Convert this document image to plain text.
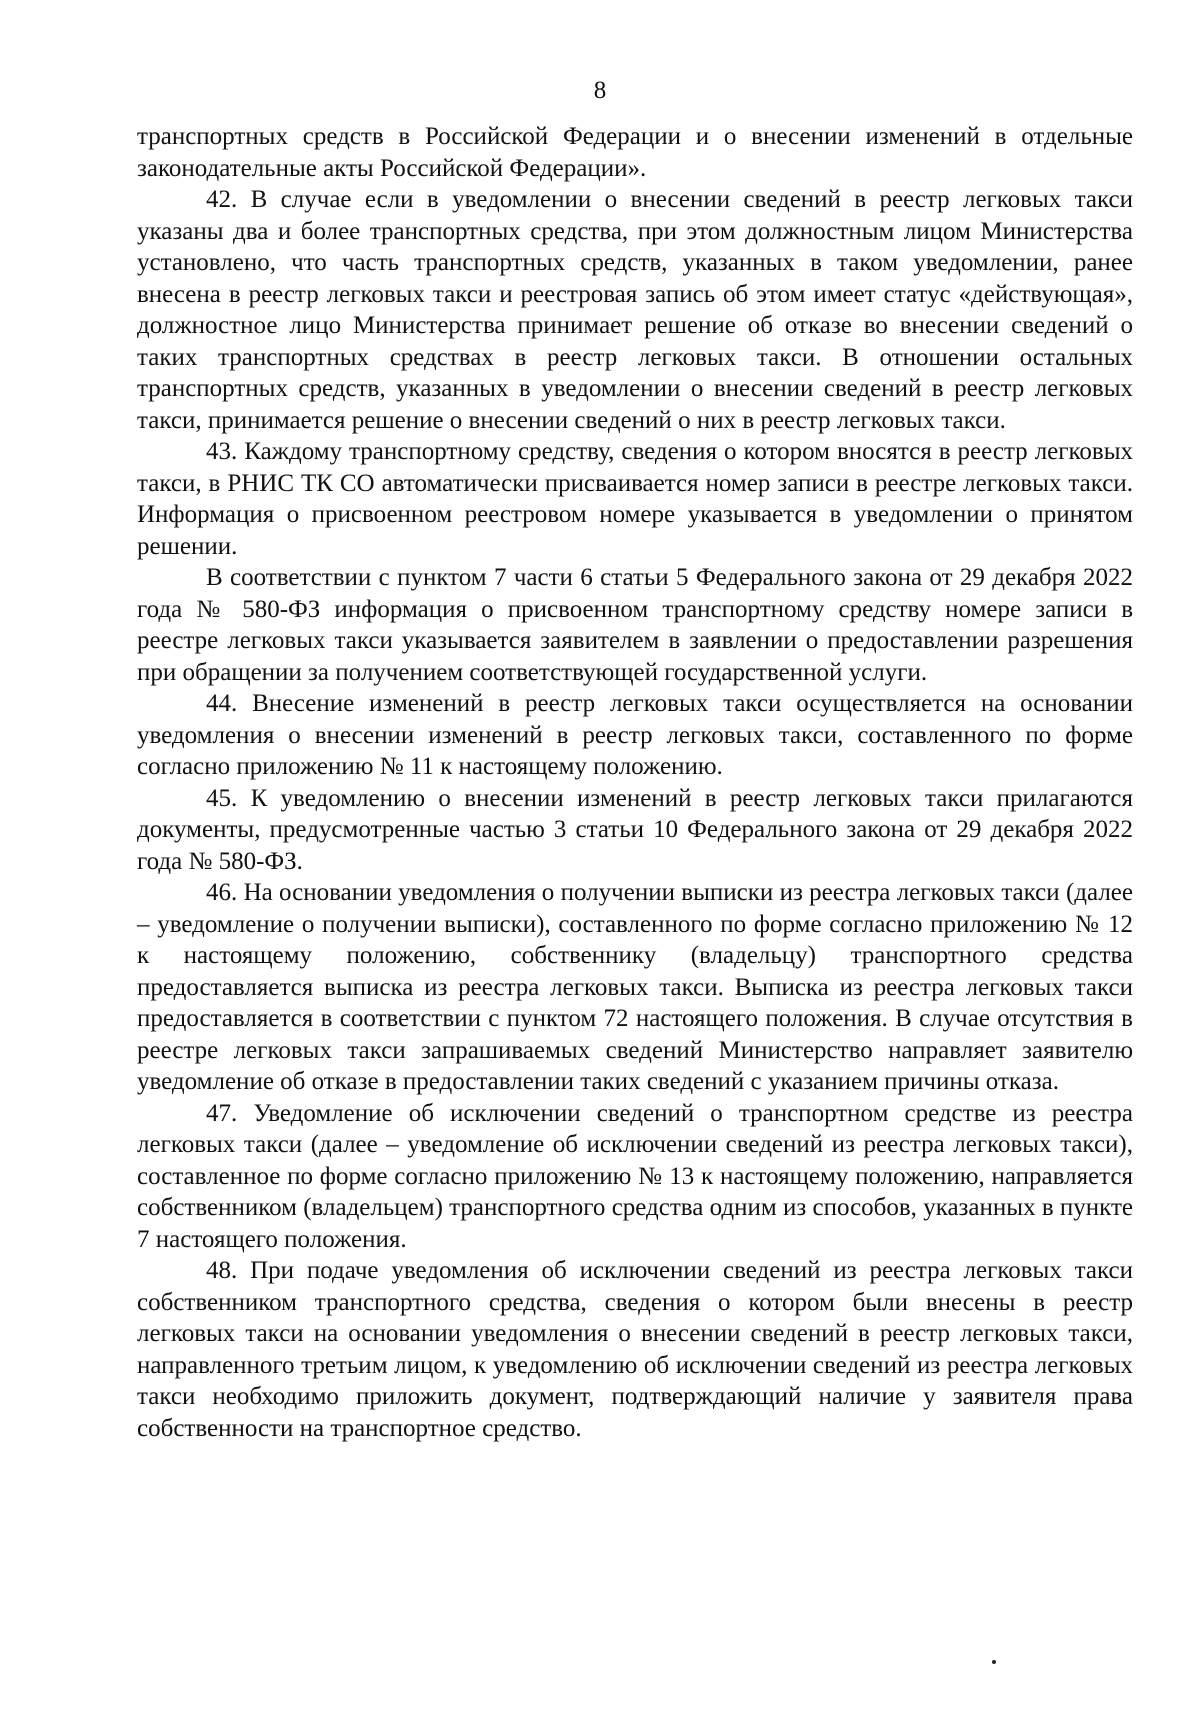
8

транспортных средств в Российской Федерации и о внесении изменений в отдельные законодательные акты Российской Федерации».

42. В случае если в уведомлении о внесении сведений в реестр легковых такси указаны два и более транспортных средства, при этом должностным лицом Министерства установлено, что часть транспортных средств, указанных в таком уведомлении, ранее внесена в реестр легковых такси и реестровая запись об этом имеет статус «действующая», должностное лицо Министерства принимает решение об отказе во внесении сведений о таких транспортных средствах в реестр легковых такси. В отношении остальных транспортных средств, указанных в уведомлении о внесении сведений в реестр легковых такси, принимается решение о внесении сведений о них в реестр легковых такси.

43. Каждому транспортному средству, сведения о котором вносятся в реестр легковых такси, в РНИС ТК СО автоматически присваивается номер записи в реестре легковых такси. Информация о присвоенном реестровом номере указывается в уведомлении о принятом решении.

В соответствии с пунктом 7 части 6 статьи 5 Федерального закона от 29 декабря 2022 года № 580-ФЗ информация о присвоенном транспортному средству номере записи в реестре легковых такси указывается заявителем в заявлении о предоставлении разрешения при обращении за получением соответствующей государственной услуги.

44. Внесение изменений в реестр легковых такси осуществляется на основании уведомления о внесении изменений в реестр легковых такси, составленного по форме согласно приложению № 11 к настоящему положению.

45. К уведомлению о внесении изменений в реестр легковых такси прилагаются документы, предусмотренные частью 3 статьи 10 Федерального закона от 29 декабря 2022 года № 580-ФЗ.

46. На основании уведомления о получении выписки из реестра легковых такси (далее – уведомление о получении выписки), составленного по форме согласно приложению № 12 к настоящему положению, собственнику (владельцу) транспортного средства предоставляется выписка из реестра легковых такси. Выписка из реестра легковых такси предоставляется в соответствии с пунктом 72 настоящего положения. В случае отсутствия в реестре легковых такси запрашиваемых сведений Министерство направляет заявителю уведомление об отказе в предоставлении таких сведений с указанием причины отказа.

47. Уведомление об исключении сведений о транспортном средстве из реестра легковых такси (далее – уведомление об исключении сведений из реестра легковых такси), составленное по форме согласно приложению № 13 к настоящему положению, направляется собственником (владельцем) транспортного средства одним из способов, указанных в пункте 7 настоящего положения.

48. При подаче уведомления об исключении сведений из реестра легковых такси собственником транспортного средства, сведения о котором были внесены в реестр легковых такси на основании уведомления о внесении сведений в реестр легковых такси, направленного третьим лицом, к уведомлению об исключении сведений из реестра легковых такси необходимо приложить документ, подтверждающий наличие у заявителя права собственности на транспортное средство.
